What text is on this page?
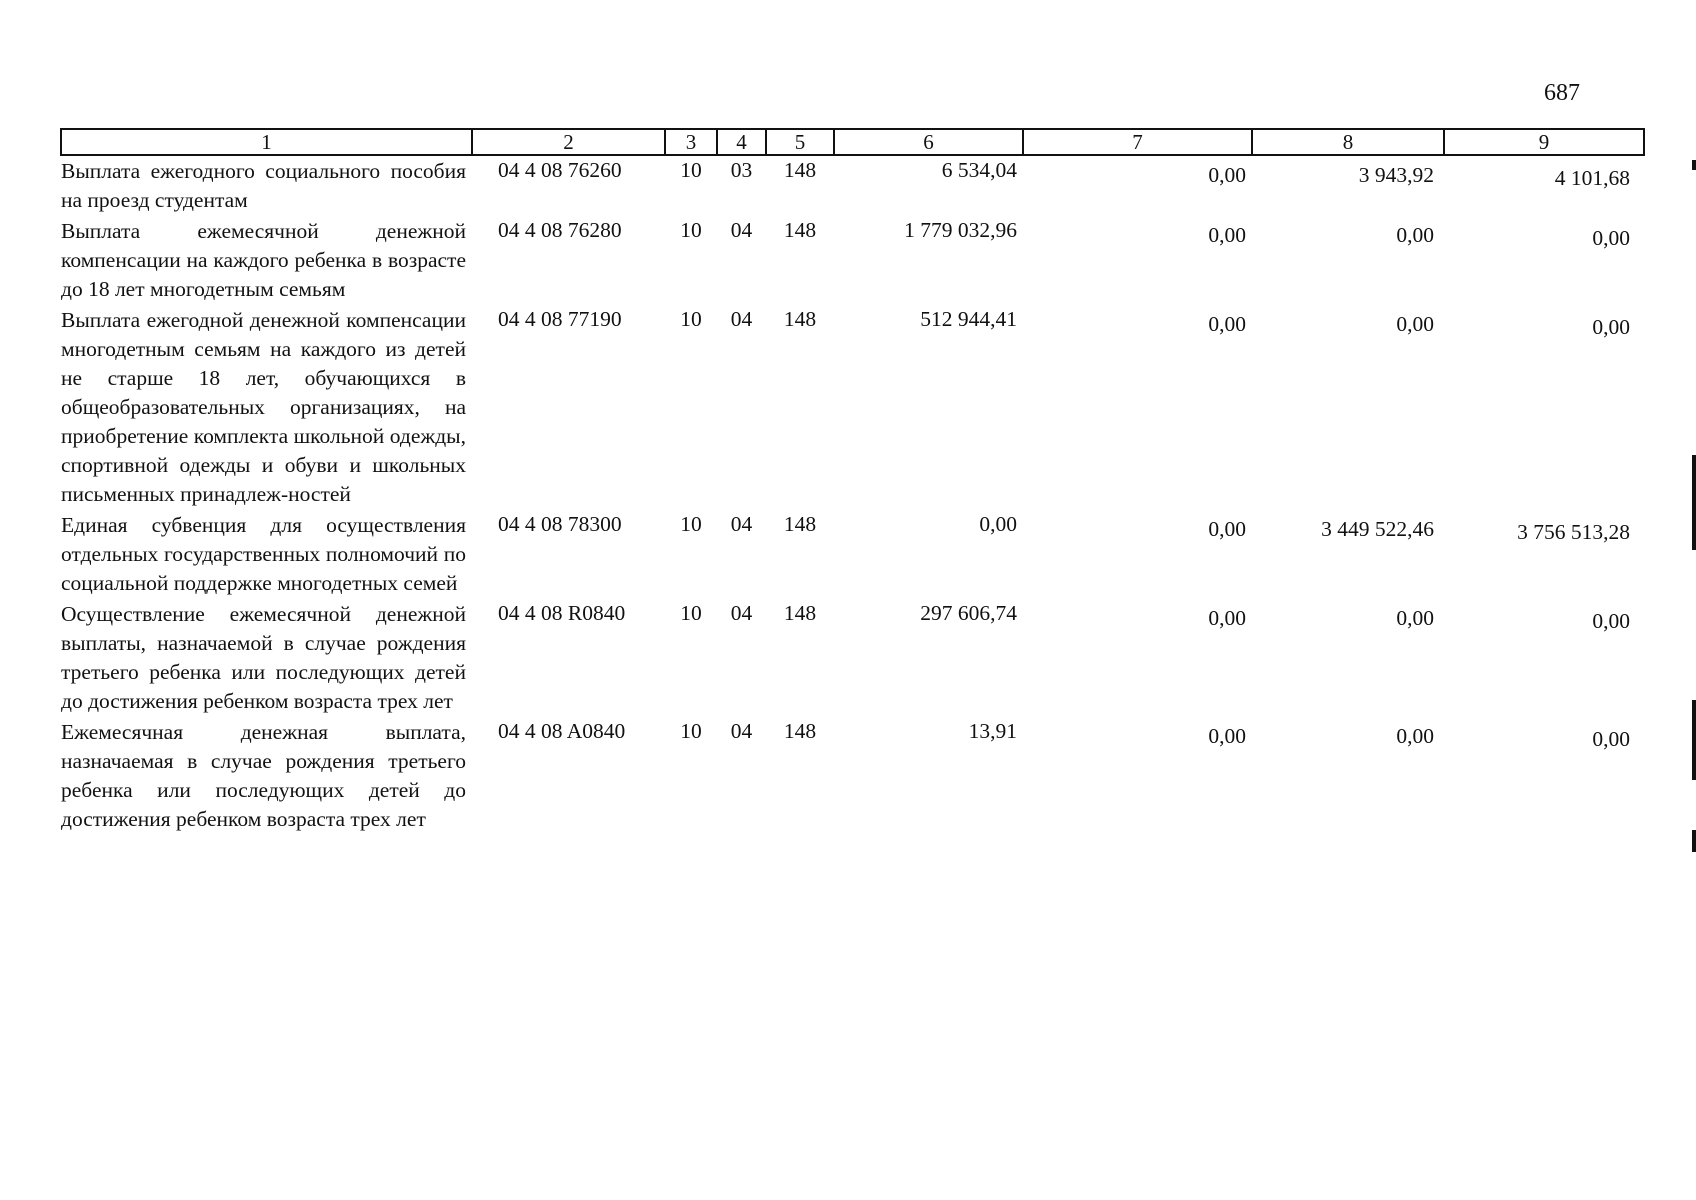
687
1	2	3	4	5	6	7	8	9
Выплата ежегодного социального пособия на проезд студентам	04 4 08 76260	10	03	148	6 534,04	0,00	3 943,92	4 101,68
Выплата ежемесячной денежной компенсации на каждого ребенка в возрасте до 18 лет многодетным семьям	04 4 08 76280	10	04	148	1 779 032,96	0,00	0,00	0,00
Выплата ежегодной денежной компенсации многодетным семьям на каждого из детей не старше 18 лет, обучающихся в общеобразовательных организациях, на приобретение комплекта школьной одежды, спортивной одежды и обуви и школьных письменных принадлеж-ностей	04 4 08 77190	10	04	148	512 944,41	0,00	0,00	0,00
Единая субвенция для осуществления отдельных государственных полномочий по социальной поддержке многодетных семей	04 4 08 78300	10	04	148	0,00	0,00	3 449 522,46	3 756 513,28
Осуществление ежемесячной денежной выплаты, назначаемой в случае рождения третьего ребенка или последующих детей до достижения ребенком возраста трех лет	04 4 08 R0840	10	04	148	297 606,74	0,00	0,00	0,00
Ежемесячная денежная выплата, назначаемая в случае рождения третьего ребенка или последующих детей до достижения ребенком возраста трех лет	04 4 08 A0840	10	04	148	13,91	0,00	0,00	0,00
